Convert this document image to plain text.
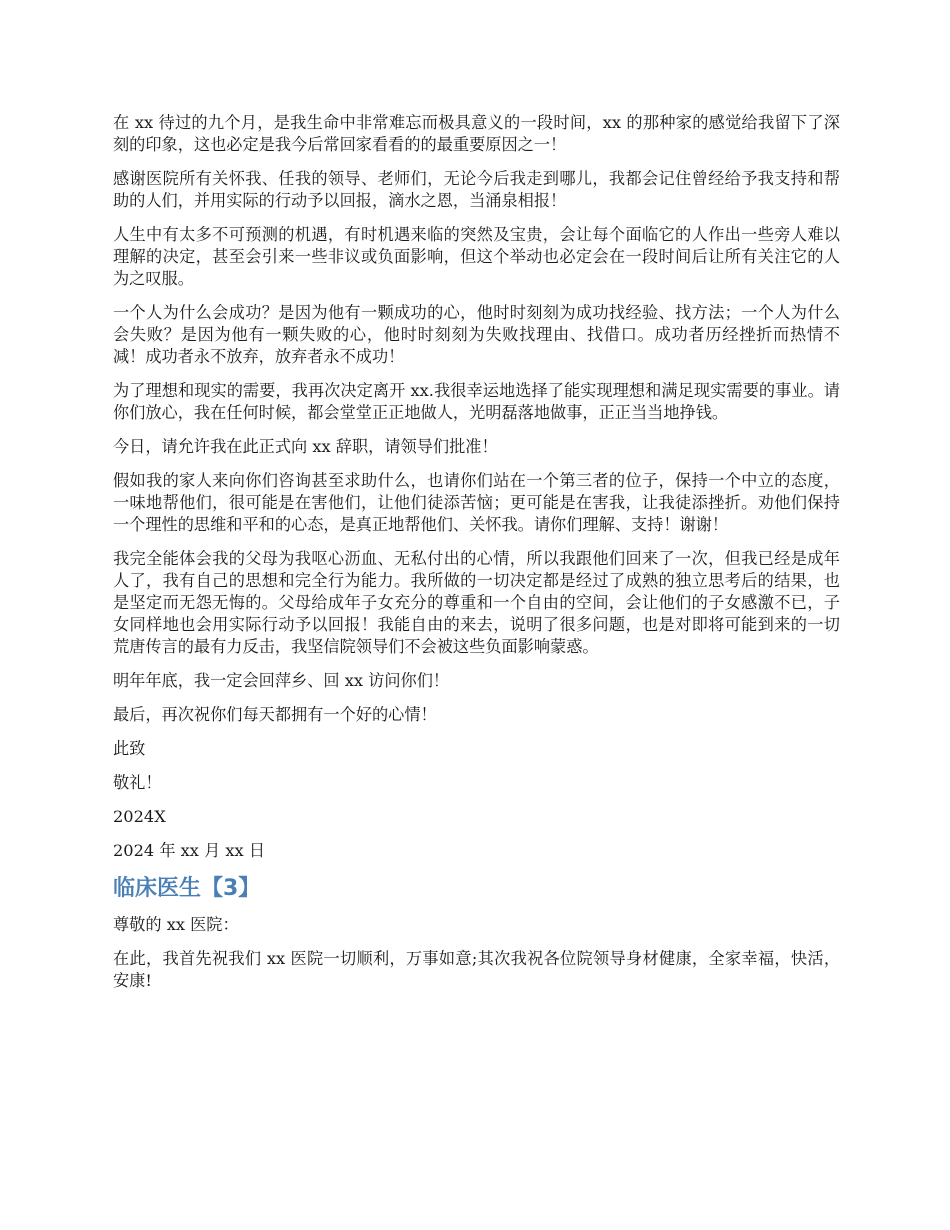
在 xx 待过的九个月，是我生命中非常难忘而极具意义的一段时间，xx 的那种家的感觉给我留下了深刻的印象，这也必定是我今后常回家看看的的最重要原因之一！

感谢医院所有关怀我、任我的领导、老师们，无论今后我走到哪儿，我都会记住曾经给予我支持和帮助的人们，并用实际的行动予以回报，滴水之恩，当涌泉相报！

人生中有太多不可预测的机遇，有时机遇来临的突然及宝贵，会让每个面临它的人作出一些旁人难以理解的决定，甚至会引来一些非议或负面影响，但这个举动也必定会在一段时间后让所有关注它的人为之叹服。

一个人为什么会成功？是因为他有一颗成功的心，他时时刻刻为成功找经验、找方法；一个人为什么会失败？是因为他有一颗失败的心，他时时刻刻为失败找理由、找借口。成功者历经挫折而热情不减！成功者永不放弃，放弃者永不成功！

为了理想和现实的需要，我再次决定离开 xx.我很幸运地选择了能实现理想和满足现实需要的事业。请你们放心，我在任何时候，都会堂堂正正地做人，光明磊落地做事，正正当当地挣钱。

今日，请允许我在此正式向 xx 辞职，请领导们批准！

假如我的家人来向你们咨询甚至求助什么，也请你们站在一个第三者的位子，保持一个中立的态度，一味地帮他们，很可能是在害他们，让他们徒添苦恼；更可能是在害我，让我徒添挫折。劝他们保持一个理性的思维和平和的心态，是真正地帮他们、关怀我。请你们理解、支持！谢谢！

我完全能体会我的父母为我呕心沥血、无私付出的心情，所以我跟他们回来了一次，但我已经是成年人了，我有自己的思想和完全行为能力。我所做的一切决定都是经过了成熟的独立思考后的结果，也是坚定而无怨无悔的。父母给成年子女充分的尊重和一个自由的空间，会让他们的子女感激不已，子女同样地也会用实际行动予以回报！我能自由的来去，说明了很多问题，也是对即将可能到来的一切荒唐传言的最有力反击，我坚信院领导们不会被这些负面影响蒙惑。

明年年底，我一定会回萍乡、回 xx 访问你们！

最后，再次祝你们每天都拥有一个好的心情！

此致

敬礼！

2024X

2024 年 xx 月 xx 日

临床医生【3】

尊敬的 xx 医院：

在此，我首先祝我们 xx 医院一切顺利，万事如意;其次我祝各位院领导身材健康，全家幸福，快活，安康!
